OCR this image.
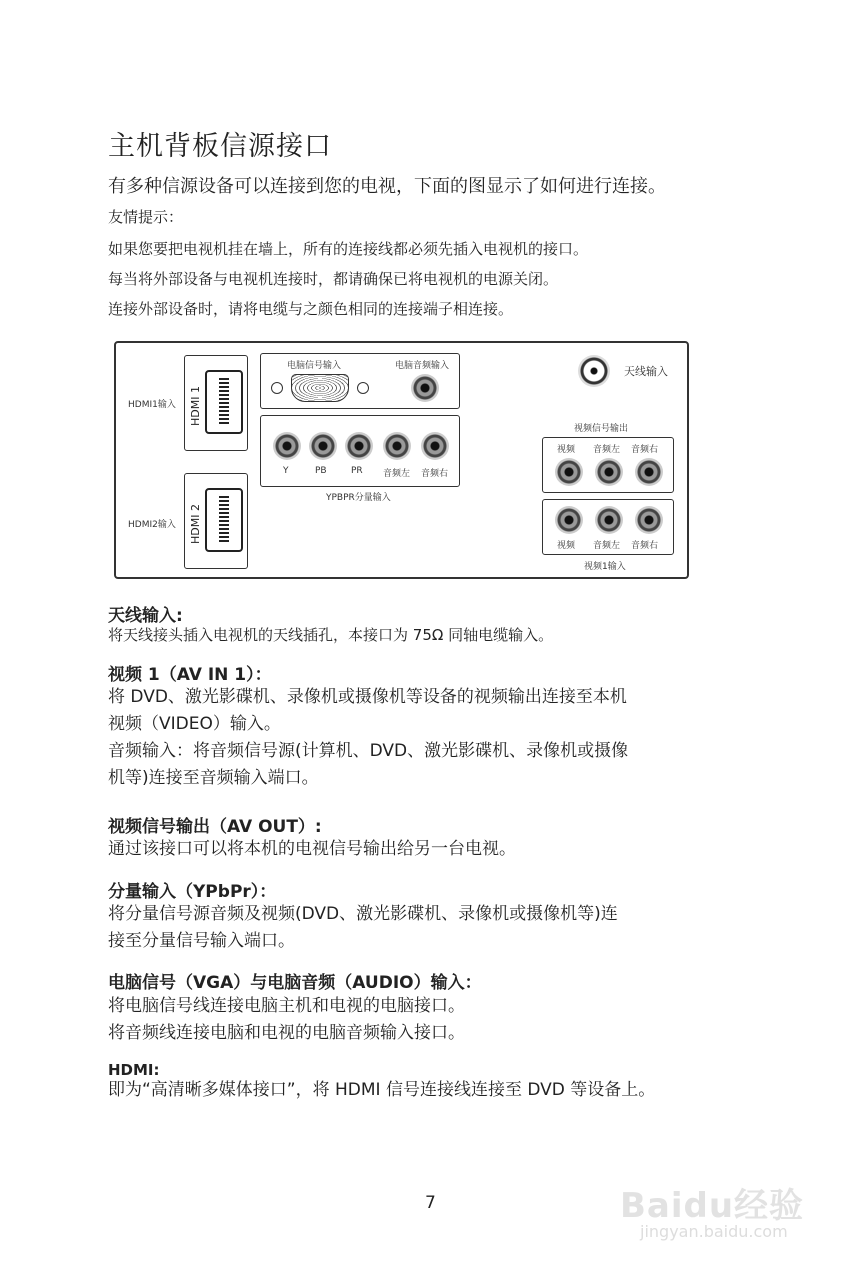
主机背板信源接口
有多种信源设备可以连接到您的电视，下面的图显示了如何进行连接。
友情提示：
如果您要把电视机挂在墙上，所有的连接线都必须先插入电视机的接口。
每当将外部设备与电视机连接时，都请确保已将电视机的电源关闭。
连接外部设备时，请将电缆与之颜色相同的连接端子相连接。
HDMI1输入 HDMI 1
HDMI2输入 HDMI 2
电脑信号输入	电脑音频输入	天线输入
Y	PB	PR 音频左 音频右
YPBPR分量输入
视频信号输出
视频 音频左 音频右
视频 音频左 音频右
视频1输入
天线输入:
将天线接头插入电视机的天线插孔，本接口为 75Ω 同轴电缆输入。
视频 1（AV IN 1）：
将 DVD、激光影碟机、录像机或摄像机等设备的视频输出连接至本机
视频（VIDEO）输入。
音频输入：将音频信号源(计算机、DVD、激光影碟机、录像机或摄像
机等)连接至音频输入端口。
视频信号输出（AV OUT）:
通过该接口可以将本机的电视信号输出给另一台电视。
分量输入（YPbPr）：
将分量信号源音频及视频(DVD、激光影碟机、录像机或摄像机等)连
接至分量信号输入端口。
电脑信号（VGA）与电脑音频（AUDIO）输入：
将电脑信号线连接电脑主机和电视的电脑接口。
将音频线连接电脑和电视的电脑音频输入接口。
HDMI:
即为“高清晰多媒体接口”，将 HDMI 信号连接线连接至 DVD 等设备上。
7	Baidu经验
jingyan.baidu.com
